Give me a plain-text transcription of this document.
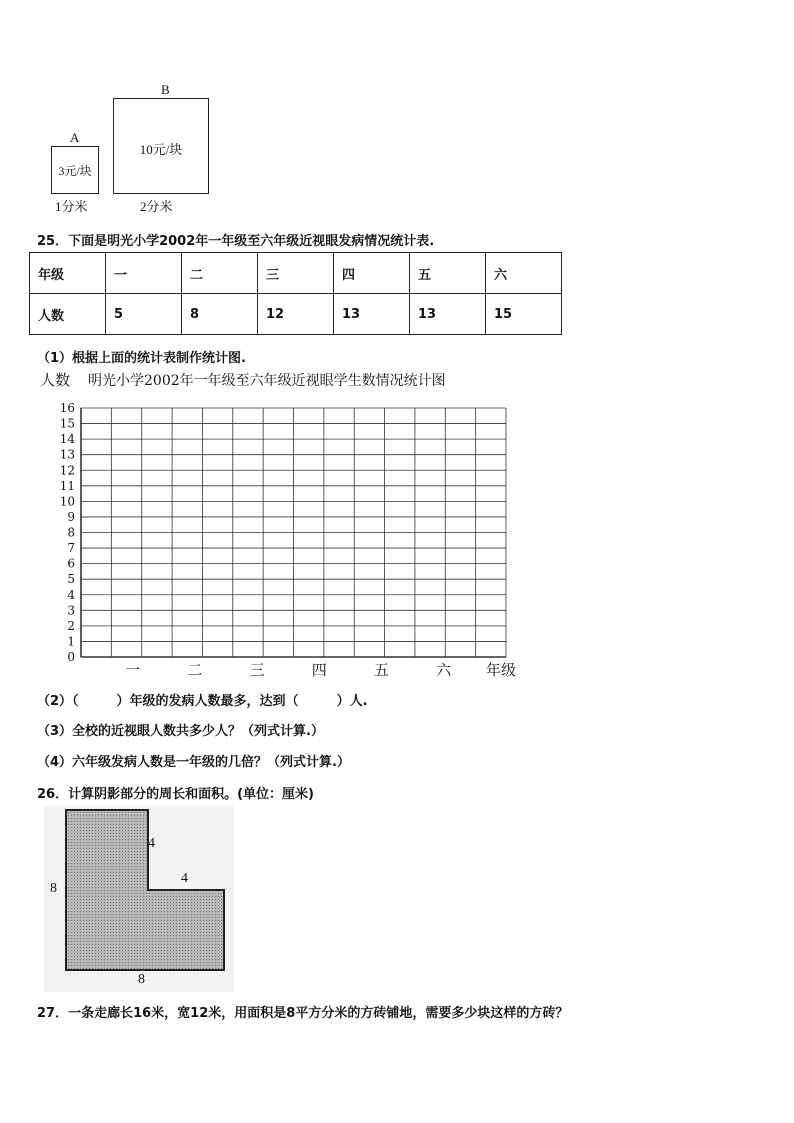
B
10元/块
2分米
A
3元/块
1分米
25．下面是明光小学2002年一年级至六年级近视眼发病情况统计表.
年级	一	二	三	四	五	六
人数	5	8	12	13	13	15
（1）根据上面的统计表制作统计图.
人数 明光小学2002年一年级至六年级近视眼学生数情况统计图
0
1
2
3
4
5
6
7
8
9
10
11
12
13
14
15
16
一	二	三	四	五	六 年级
（2）（	）年级的发病人数最多，达到（	）人.
（3）全校的近视眼人数共多少人？（列式计算.）
（4）六年级发病人数是一年级的几倍？（列式计算.）
26．计算阴影部分的周长和面积。(单位：厘米)
4
4
8
8
27．一条走廊长16米，宽12米，用面积是8平方分米的方砖铺地，需要多少块这样的方砖？
